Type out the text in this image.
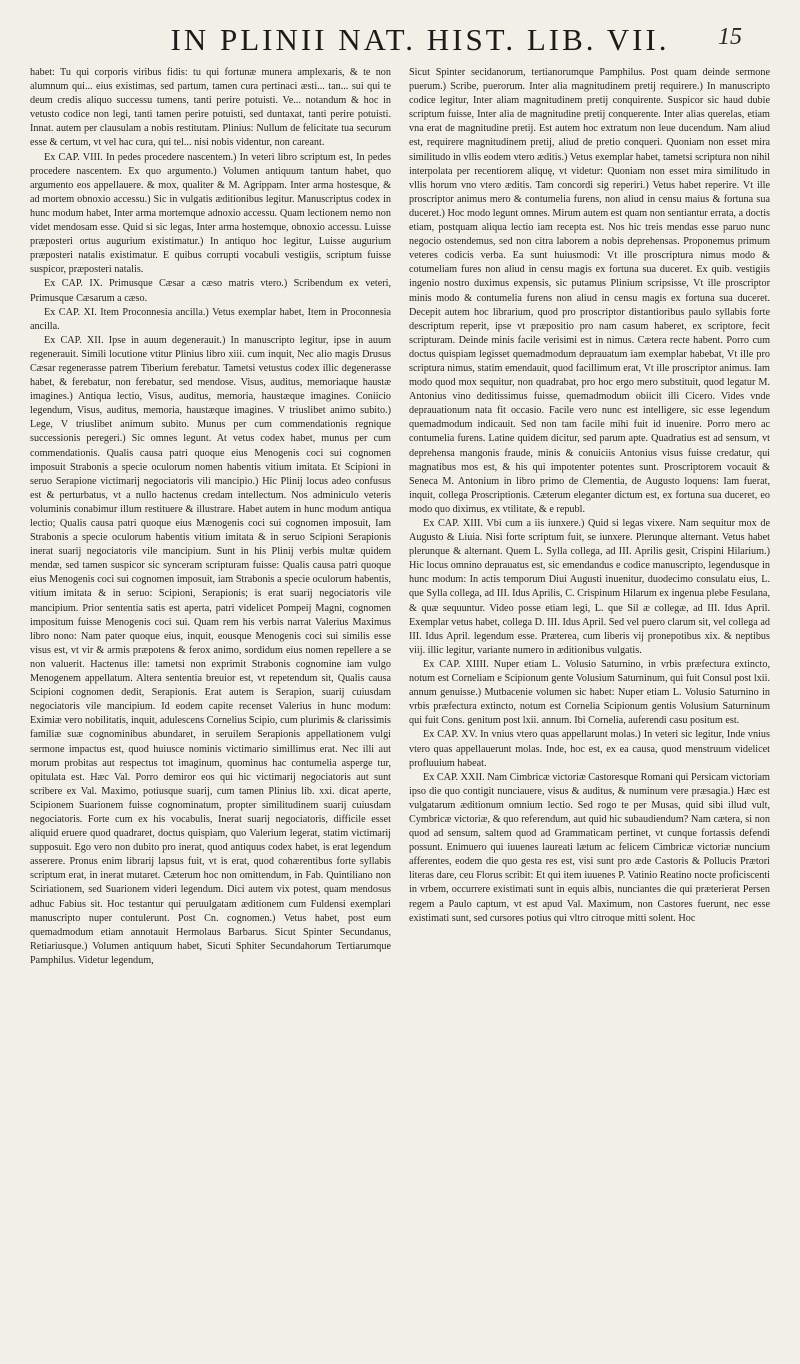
IN PLINII NAT. HIST. LIB. VII.	15

habet: Tu qui corporis viribus fidis: tu qui fortunæ munera amplexaris, & te non alumnum qui... eius existimas, sed partum, tamen cura pertinaci æsti... tan... sui qui te deum credis aliquo successu tumens, tanti perire potuisti. Ve... notandum & hoc in vetusto codice non legi, tanti tamen perire potuisti, sed duntaxat, tanti perire potuisti. Innat. autem per clausulam a nobis restitutam. Plinius: Nullum de felicitate tua securum esse & certum, vt vel hac cura, qui tel... nisi nobis videntur, non careant.

Ex CAP. VIII. In pedes procedere nascentem.) In veteri libro scriptum est, In pedes procedere nascentem. Ex quo argumento.) Volumen antiquum tantum habet, quo argumento eos appellauere. & mox, qualiter & M. Agrippam. Inter arma hostesque, & ad mortem obnoxio accessu.) Sic in vulgatis æditionibus legitur. Manuscriptus codex in hunc modum habet, Inter arma mortemque adnoxio accessu. Quam lectionem nemo non videt mendosam esse. Quid si sic legas, Inter arma hostemque, obnoxio accessu. Luisse præposteri ortus augurium existimatur.) In antiquo hoc legitur, Luisse augurium præposteri natalis existimatur. E quibus corrupti vocabuli vestigiis, scriptum fuisse suspicor, præposteri natalis.

Ex CAP. IX. Primusque Cæsar a cæso matris vtero.) Scribendum ex veteri, Primusque Cæsarum a cæso.

Ex CAP. XI. Item Proconnesia ancilla.) Vetus exemplar habet, Item in Proconnesia ancilla.

Ex CAP. XII. Ipse in auum degenerauit.) In manuscripto legitur, ipse in auum regenerauit. Simili locutione vtitur Plinius libro xiii. cum inquit, Nec alio magis Drusus Cæsar regenerasse patrem Tiberium ferebatur. Tametsi vetustus codex illic degenerasse habet, & ferebatur, non ferebatur, sed mendose. Visus, auditus, memoriaque haustæ imagines.) Antiqua lectio, Visus, auditus, memoria, haustæque imagines. Coniicio legendum, Visus, auditus, memoria, haustæque imagines. V triuslibet animo subito.) Lege, V triuslibet animum subito. Munus per cum commendationis regnique successionis peregeri.) Sic omnes legunt. At vetus codex habet, munus per cum commendationis. Qualis causa patri quoque eius Menogenis coci sui cognomen imposuit Strabonis a specie oculorum nomen habentis vitium imitata. Et Scipioni in seruo Serapione victimarij negociatoris vili mancipio.) Hic Plinij locus adeo confusus est & perturbatus, vt a nullo hactenus credam intellectum. Nos adminiculo veteris voluminis conabimur illum restituere & illustrare. Habet autem in hunc modum antiqua lectio; Qualis causa patri quoque eius Mænogenis coci sui cognomen imposuit, Iam Strabonis a specie oculorum habentis vitium imitata & in seruo Scipioni Serapionis inerat suarij negociatoris vile mancipium. Sunt in his Plinij verbis multæ quidem mendæ, sed tamen suspicor sic synceram scripturam fuisse: Qualis causa patri quoque eius Menogenis coci sui cognomen imposuit, iam Strabonis a specie oculorum habentis, vitium imitata & in seruo: Scipioni, Serapionis; is erat suarij negociatoris vile mancipium. Prior sententia satis est aperta, patri videlicet Pompeij Magni, cognomen impositum fuisse Menogenis coci sui. Quam rem his verbis narrat Valerius Maximus libro nono: Nam pater quoque eius, inquit, eousque Menogenis coci sui similis esse visus est, vt vir & armis præpotens & ferox animo, sordidum eius nomen repellere a se non valuerit. Hactenus ille: tametsi non exprimit Strabonis cognomine iam vulgo Menogenem appellatum. Altera sententia breuior est, vt repetendum sit, Qualis causa Scipioni cognomen dedit, Serapionis. Erat autem is Serapion, suarij cuiusdam negociatoris vile mancipium. Id eodem capite recenset Valerius in hunc modum: Eximiæ vero nobilitatis, inquit, adulescens Cornelius Scipio, cum plurimis & clarissimis familiæ suæ cognominibus abundaret, in seruilem Serapionis appellationem vulgi sermone impactus est, quod huiusce nominis victimario simillimus erat. Nec illi aut morum probitas aut respectus tot imaginum, quominus hac contumelia asperge tur, opitulata est. Hæc Val. Porro demiror eos qui hic victimarij negociatoris aut sunt scribere ex Val. Maximo, potiusque suarij, cum tamen Plinius lib. xxi. dicat aperte, Scipionem Suarionem fuisse cognominatum, propter similitudinem suarij cuiusdam negociatoris. Forte cum ex his vocabulis, Inerat suarij negociatoris, difficile esset aliquid eruere quod quadraret, doctus quispiam, quo Valerium legerat, statim victimarij supposuit. Ego vero non dubito pro inerat, quod antiquus codex habet, is erat legendum asserere. Pronus enim librarij lapsus fuit, vt is erat, quod cohærentibus forte syllabis scriptum erat, in inerat mutaret. Cæterum hoc non omittendum, in Fab. Quintiliano non Sciriationem, sed Suarionem videri legendum. Dici autem vix potest, quam mendosus adhuc Fabius sit. Hoc testantur qui peruulgatam æditionem cum Fuldensi exemplari manuscripto nuper contulerunt. Post Cn. cognomen.) Vetus habet, post eum quemadmodum etiam annotauit Hermolaus Barbarus. Sicut Spinter Secundanus, Retiariusque.) Volumen antiquum habet, Sicuti Sphiter Secundahorum Tertiarumque Pamphilus. Videtur legendum,

Sicut Spinter secidanorum, tertianorumque Pamphilus. Post quam deinde sermone puerum.) Scribe, puerorum. Inter alia magnitudinem pretij requirere.) In manuscripto codice legitur, Inter aliam magnitudinem pretij conquirente. Suspicor sic haud dubie scriptum fuisse, Inter alia de magnitudine pretij conquerente. Inter alias querelas, etiam vna erat de magnitudine pretij. Est autem hoc extratum non leue ducendum. Nam aliud est, requirere magnitudinem pretij, aliud de pretio conqueri. Quoniam non esset mira similitudo in vllis eodem vtero æditis.) Vetus exemplar habet, tametsi scriptura non nihil interpolata per recentiorem aliquę, vt videtur: Quoniam non esset mira similitudo in vllis horum vno vtero æditis. Tam concordi sig reperiri.) Vetus habet reperire. Vt ille proscriptor animus mero & contumelia furens, non aliud in censu maius & fortuna sua duceret.) Hoc modo legunt omnes. Mirum autem est quam non sentiantur errata, a doctis etiam, postquam aliqua lectio iam recepta est. Nos hic treis mendas esse paruo nunc negocio ostendemus, sed non citra laborem a nobis deprehensas. Proponemus primum veteres codicis verba. Ea sunt huiusmodi: Vt ille proscriptura nimus modo & cotumeliam fures non aliud in censu magis ex fortuna sua duceret. Ex quib. vestigiis ingenio nostro duximus expensis, sic putamus Plinium scripsisse, Vt ille proscriptor minis modo & contumelia furens non aliud in censu magis ex fortuna sua duceret. Decepit autem hoc librarium, quod pro proscriptor distantioribus paulo syllabis forte descriptum reperit, ipse vt præpositio pro nam casum haberet, ex scriptore, fecit scripturam. Deinde minis facile verisimi est in nimus. Cætera recte habent. Porro cum doctus quispiam legisset quemadmodum deprauatum iam exemplar habebat, Vt ille pro scriptura nimus, statim emendauit, quod facillimum erat, Vt ille proscriptor animus. Iam modo quod mox sequitur, non quadrabat, pro hoc ergo mero substituit, quod legatur M. Antonius vino deditissimus fuisse, quemadmodum obiicit illi Cicero. Vides vnde deprauationum nata fit occasio. Facile vero nunc est intelligere, sic esse legendum quemadmodum indicauit. Sed non tam facile mihi fuit id inuenire. Porro mero ac contumelia furens. Latine quidem dicitur, sed parum apte. Quadratius est ad sensum, vt deprehensa mangonis fraude, minis & conuiciis Antonius visus fuisse credatur, qui magnatibus mos est, & his qui impotenter potentes sunt. Proscriptorem vocauit & Seneca M. Antonium in libro primo de Clementia, de Augusto loquens: Iam fuerat, inquit, collega Proscriptionis. Cæterum eleganter dictum est, ex fortuna sua duceret, eo modo quo diximus, ex vtilitate, & e republ.

Ex CAP. XIII. Vbi cum a iis iunxere.) Quid si legas vixere. Nam sequitur mox de Augusto & Liuia. Nisi forte scriptum fuit, se iunxere. Plerunque alternant. Vetus habet plerunque & alternant. Quem L. Sylla collega, ad III. Aprilis gesit, Crispini Hilarium.) Hic locus omnino deprauatus est, sic emendandus e codice manuscripto, legendusque in hunc modum: In actis temporum Diui Augusti inuenitur, duodecimo consulatu eius, L. que Sylla collega, ad III. Idus Aprilis, C. Crispinum Hilarum ex ingenua plebe Fesulana, & quæ sequuntur. Video posse etiam legi, L. que Sil æ collegæ, ad III. Idus April. Exemplar vetus habet, collega D. III. Idus April. Sed vel puero clarum sit, vel collega ad III. Idus April. legendum esse. Præterea, cum liberis vij pronepotibus xix. & neptibus viij. illic legitur, variante numero in æditionibus vulgatis.

Ex CAP. XIIII. Nuper etiam L. Volusio Saturnino, in vrbis præfectura extincto, notum est Corneliam e Scipionum gente Volusium Saturninum, qui fuit Consul post lxii. annum genuisse.) Mutbacenie volumen sic habet: Nuper etiam L. Volusio Saturnino in vrbis præfectura extincto, notum est Cornelia Scipionum gentis Volusium Saturninum qui fuit Cons. genitum post lxii. annum. Ibi Cornelia, auferendi casu positum est.

Ex CAP. XV. In vnius vtero quas appellarunt molas.) In veteri sic legitur, Inde vnius vtero quas appellauerunt molas. Inde, hoc est, ex ea causa, quod menstruum videlicet profluuium habeat.

Ex CAP. XXII. Nam Cimbricæ victoriæ Castoresque Romani qui Persicam victoriam ipso die quo contigit nunciauere, visus & auditus, & numinum vere præsagia.) Hæc est vulgatarum æditionum omnium lectio. Sed rogo te per Musas, quid sibi illud vult, Cymbricæ victoriæ, & quo referendum, aut quid hic subaudiendum? Nam cætera, si non quod ad sensum, saltem quod ad Grammaticam pertinet, vt cunque fortassis defendi possunt. Enimuero qui iuuenes laureati lætum ac felicem Cimbricæ victoriæ nuncium afferentes, eodem die quo gesta res est, visi sunt pro æde Castoris & Pollucis Prætori literas dare, ceu Florus scribit: Et qui item iuuenes P. Vatinio Reatino nocte proficiscenti in vrbem, occurrere existimati sunt in equis albis, nunciantes die qui præterierat Persen regem a Paulo captum, vt est apud Val. Maximum, non Castores fuerunt, nec esse existimati sunt, sed cursores potius qui vltro citroque mitti solent. Hoc
